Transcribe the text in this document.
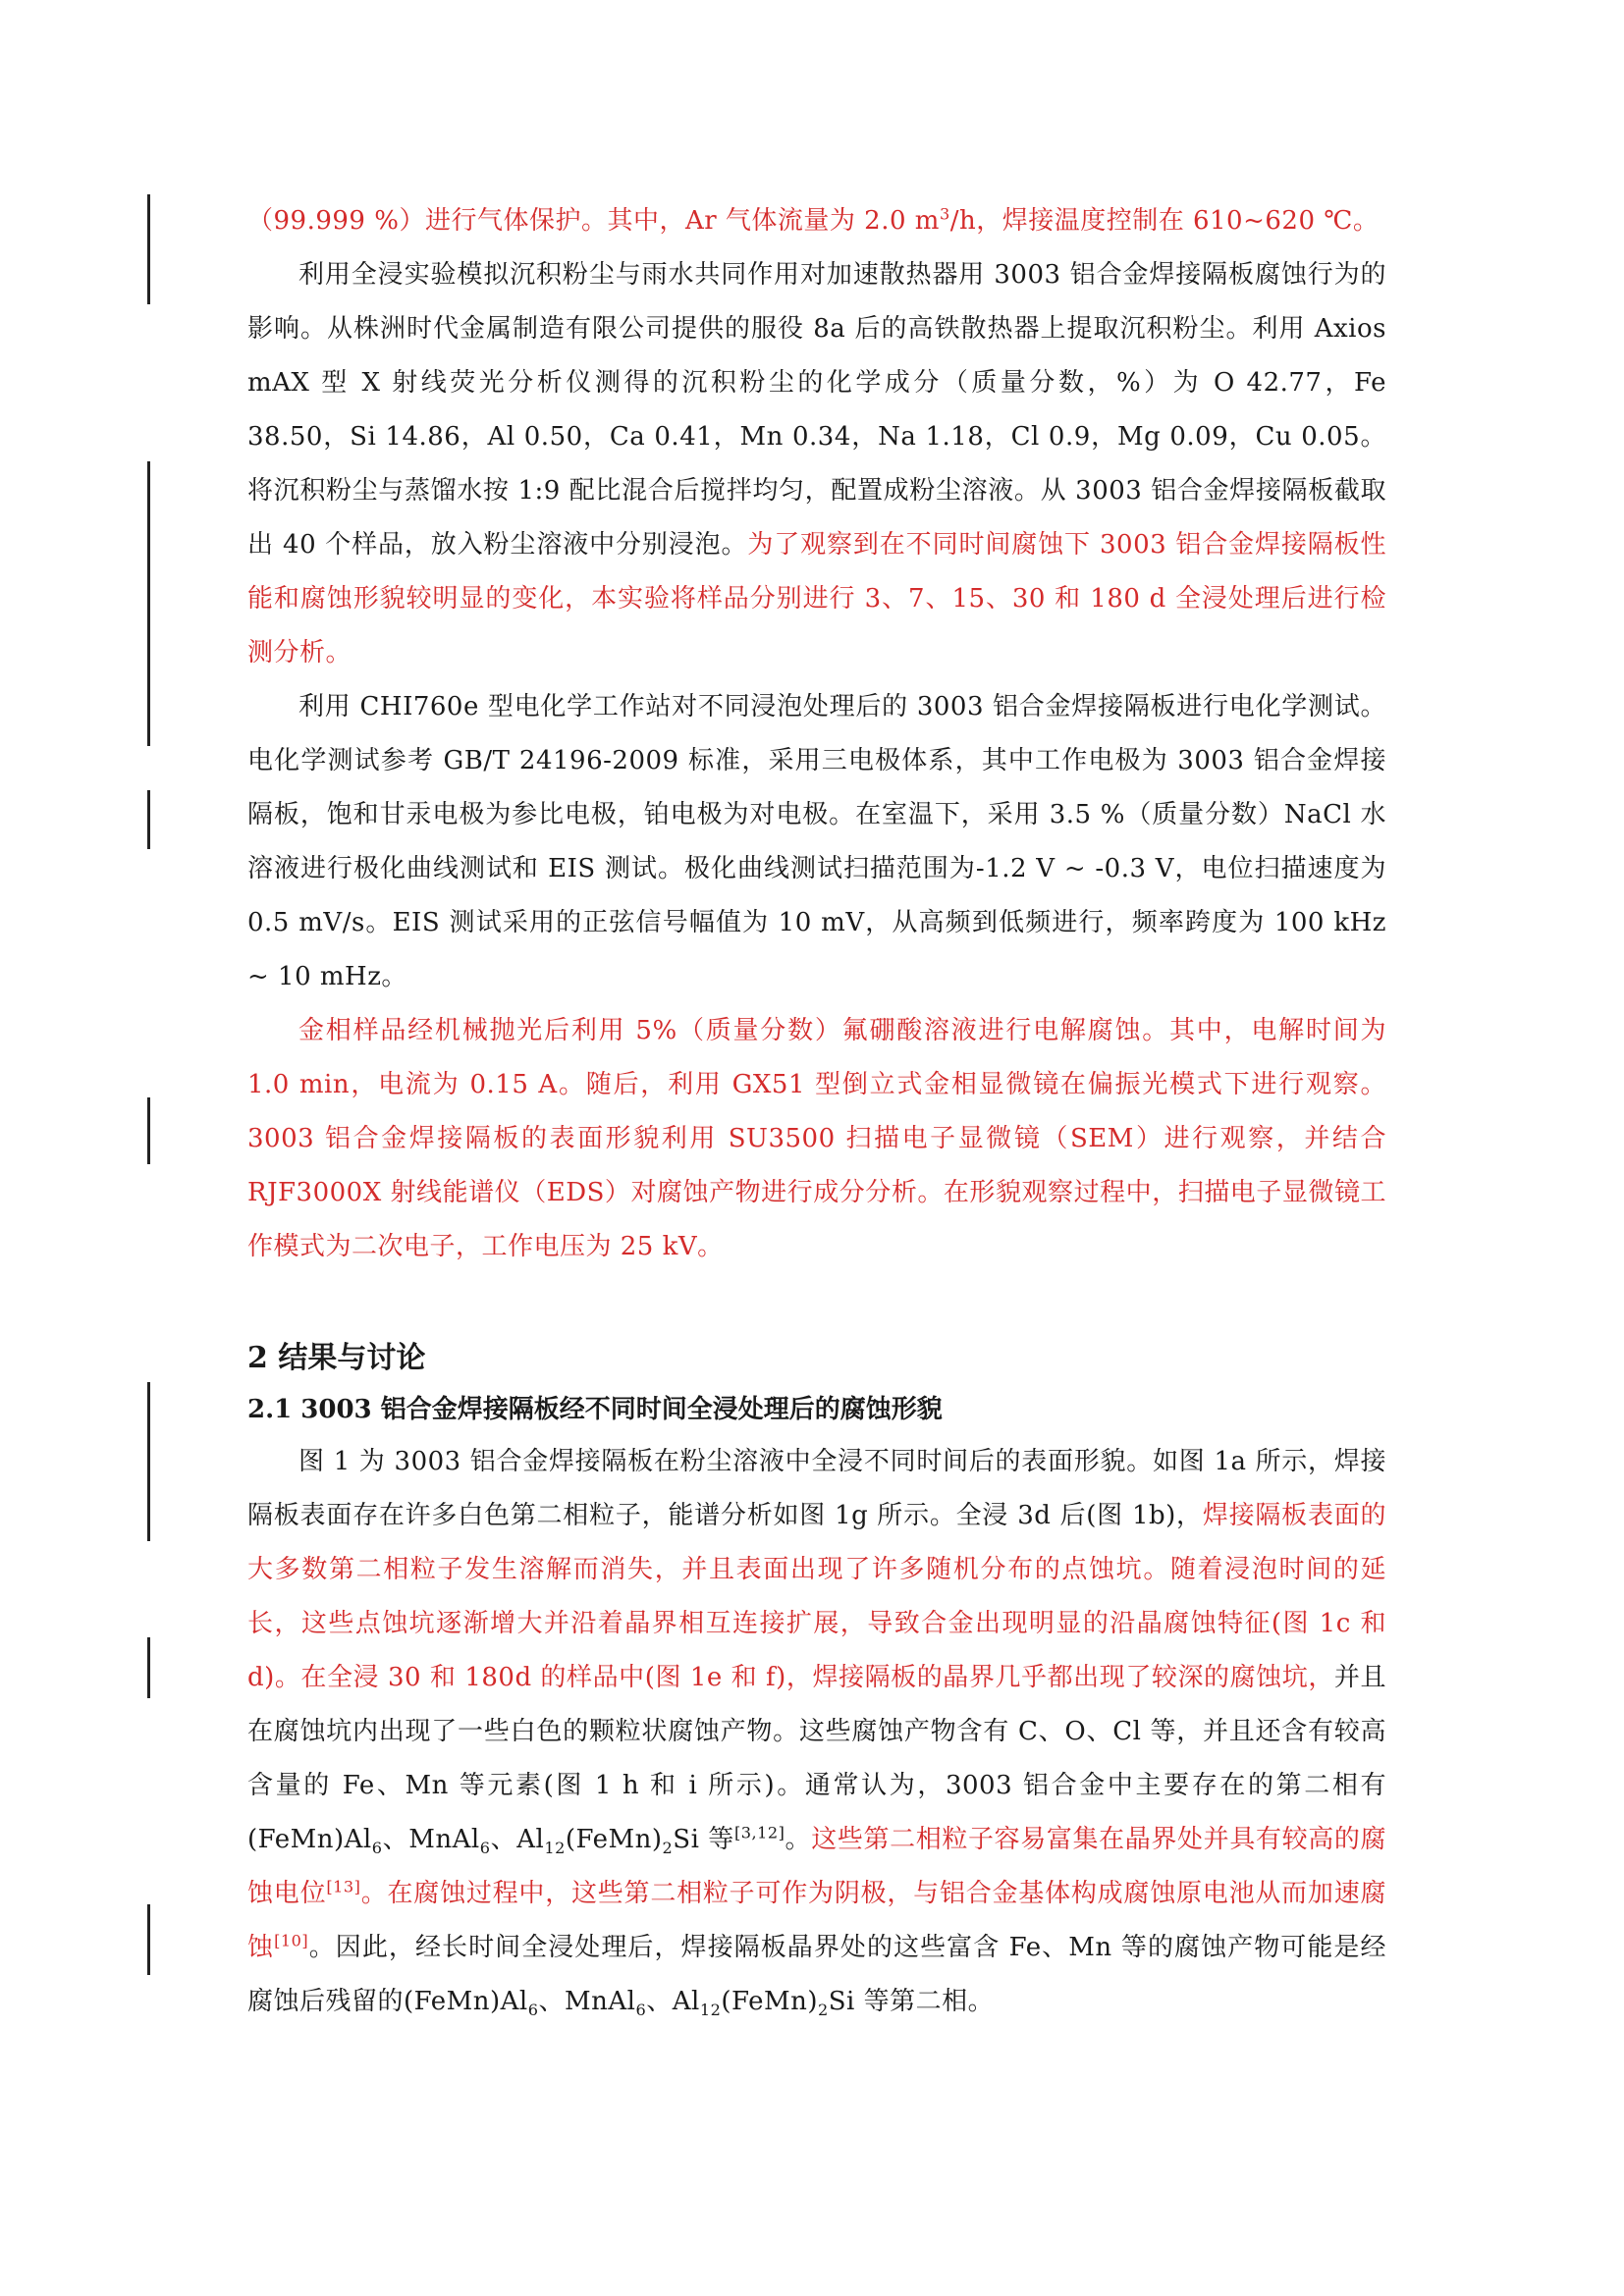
（99.999 %）进行气体保护。其中，Ar 气体流量为 2.0 $m^3/h$，焊接温度控制在 610~620 ℃。

利用全浸实验模拟沉积粉尘与雨水共同作用对加速散热器用 3003 铝合金焊接隔板腐蚀行为的影响。从株洲时代金属制造有限公司提供的服役 8a 后的高铁散热器上提取沉积粉尘。利用 Axios mAX 型 X 射线荧光分析仪测得的沉积粉尘的化学成分（质量分数，%）为 O 42.77，Fe 38.50，Si 14.86，Al 0.50，Ca 0.41，Mn 0.34，Na 1.18，Cl 0.9，Mg 0.09，Cu 0.05。将沉积粉尘与蒸馏水按 1:9 配比混合后搅拌均匀，配置成粉尘溶液。从 3003 铝合金焊接隔板截取出 40 个样品，放入粉尘溶液中分别浸泡。为了观察到在不同时间腐蚀下 3003 铝合金焊接隔板性能和腐蚀形貌较明显的变化，本实验将样品分别进行 3、7、15、30 和 180 d 全浸处理后进行检测分析。

利用 CHI760e 型电化学工作站对不同浸泡处理后的 3003 铝合金焊接隔板进行电化学测试。电化学测试参考 GB/T 24196-2009 标准，采用三电极体系，其中工作电极为 3003 铝合金焊接隔板，饱和甘汞电极为参比电极，铂电极为对电极。在室温下，采用 3.5 %（质量分数）NaCl 水溶液进行极化曲线测试和 EIS 测试。极化曲线测试扫描范围为-1.2 V ~ -0.3 V，电位扫描速度为 0.5 mV/s。EIS 测试采用的正弦信号幅值为 10 mV，从高频到低频进行，频率跨度为 100 kHz ~ 10 mHz。

金相样品经机械抛光后利用 5%（质量分数）氟硼酸溶液进行电解腐蚀。其中，电解时间为 1.0 min，电流为 0.15 A。随后，利用 GX51 型倒立式金相显微镜在偏振光模式下进行观察。3003 铝合金焊接隔板的表面形貌利用 SU3500 扫描电子显微镜（SEM）进行观察，并结合 RJF3000X 射线能谱仪（EDS）对腐蚀产物进行成分分析。在形貌观察过程中，扫描电子显微镜工作模式为二次电子，工作电压为 25 kV。

2 结果与讨论
2.1 3003 铝合金焊接隔板经不同时间全浸处理后的腐蚀形貌

图 1 为 3003 铝合金焊接隔板在粉尘溶液中全浸不同时间后的表面形貌。如图 1a 所示，焊接隔板表面存在许多白色第二相粒子，能谱分析如图 1g 所示。全浸 3d 后(图 1b)，焊接隔板表面的大多数第二相粒子发生溶解而消失，并且表面出现了许多随机分布的点蚀坑。随着浸泡时间的延长，这些点蚀坑逐渐增大并沿着晶界相互连接扩展，导致合金出现明显的沿晶腐蚀特征(图 1c 和 d)。在全浸 30 和 180d 的样品中(图 1e 和 f)，焊接隔板的晶界几乎都出现了较深的腐蚀坑，并且在腐蚀坑内出现了一些白色的颗粒状腐蚀产物。这些腐蚀产物含有 C、O、Cl 等，并且还含有较高含量的 Fe、Mn 等元素(图 1 h 和 i 所示)。通常认为，3003 铝合金中主要存在的第二相有$(FeMn)Al_6$、MnAl$_6$、$Al_{12}(FeMn)_2Si$ 等[3,12]。这些第二相粒子容易富集在晶界处并具有较高的腐蚀电位[13]。在腐蚀过程中，这些第二相粒子可作为阴极，与铝合金基体构成腐蚀原电池从而加速腐蚀[10]。因此，经长时间全浸处理后，焊接隔板晶界处的这些富含 Fe、Mn 等的腐蚀产物可能是经腐蚀后残留的$(FeMn)Al_6$、MnAl$_6$、$Al_{12}(FeMn)_2Si$ 等第二相。
